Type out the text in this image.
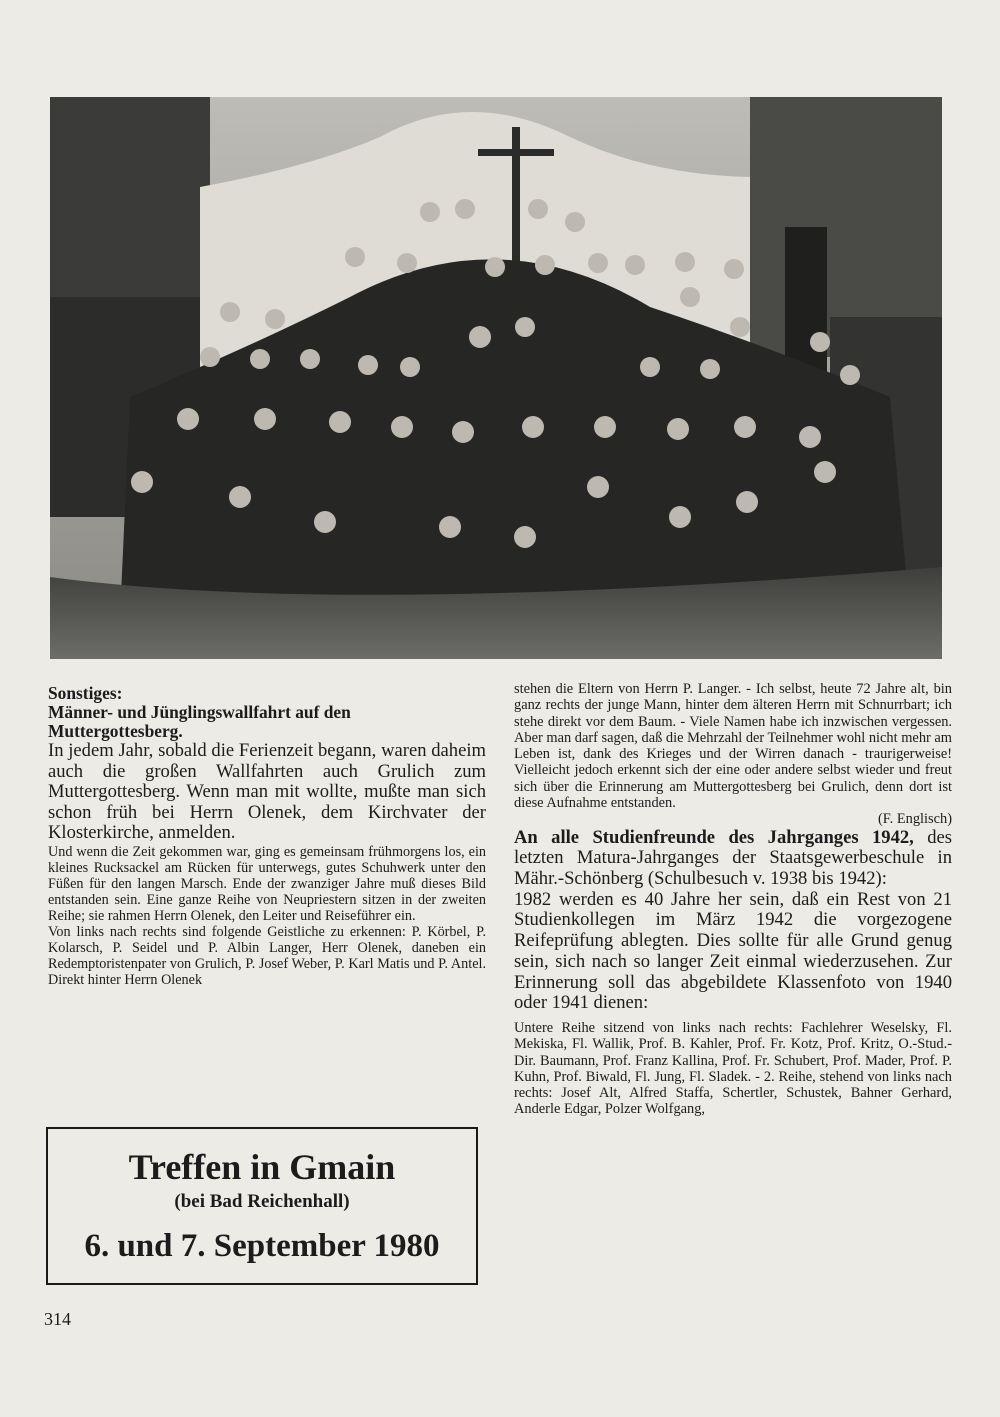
Sonstiges:

Männer- und Jünglingswallfahrt auf den Muttergottesberg.

In jedem Jahr, sobald die Ferienzeit begann, waren daheim auch die großen Wallfahrten auch Grulich zum Muttergottesberg. Wenn man mit wollte, mußte man sich schon früh bei Herrn Olenek, dem Kirchvater der Klosterkirche, anmelden.

Und wenn die Zeit gekommen war, ging es gemeinsam frühmorgens los, ein kleines Rucksackel am Rücken für unterwegs, gutes Schuhwerk unter den Füßen für den langen Marsch. Ende der zwanziger Jahre muß dieses Bild entstanden sein. Eine ganze Reihe von Neupriestern sitzen in der zweiten Reihe; sie rahmen Herrn Olenek, den Leiter und Reiseführer ein.

Von links nach rechts sind folgende Geistliche zu erkennen: P. Körbel, P. Kolarsch, P. Seidel und P. Albin Langer, Herr Olenek, daneben ein Redemptoristenpater von Grulich, P. Josef Weber, P. Karl Matis und P. Antel. Direkt hinter Herrn Olenek

Treffen in Gmain
(bei Bad Reichenhall)
6. und 7. September 1980

stehen die Eltern von Herrn P. Langer. - Ich selbst, heute 72 Jahre alt, bin ganz rechts der junge Mann, hinter dem älteren Herrn mit Schnurrbart; ich stehe direkt vor dem Baum. - Viele Namen habe ich inzwischen vergessen. Aber man darf sagen, daß die Mehrzahl der Teilnehmer wohl nicht mehr am Leben ist, dank des Krieges und der Wirren danach - traurigerweise! Vielleicht jedoch erkennt sich der eine oder andere selbst wieder und freut sich über die Erinnerung am Muttergottesberg bei Grulich, denn dort ist diese Aufnahme entstanden.

(F. Englisch)

An alle Studienfreunde des Jahrganges 1942, des letzten Matura-Jahrganges der Staatsgewerbeschule in Mähr.-Schönberg (Schulbesuch v. 1938 bis 1942):

1982 werden es 40 Jahre her sein, daß ein Rest von 21 Studienkollegen im März 1942 die vorgezogene Reifeprüfung ablegten. Dies sollte für alle Grund genug sein, sich nach so langer Zeit einmal wiederzusehen. Zur Erinnerung soll das abgebildete Klassenfoto von 1940 oder 1941 dienen:

Untere Reihe sitzend von links nach rechts: Fachlehrer Weselsky, Fl. Mekiska, Fl. Wallik, Prof. B. Kahler, Prof. Fr. Kotz, Prof. Kritz, O.-Stud.-Dir. Baumann, Prof. Franz Kallina, Prof. Fr. Schubert, Prof. Mader, Prof. P. Kuhn, Prof. Biwald, Fl. Jung, Fl. Sladek. - 2. Reihe, stehend von links nach rechts: Josef Alt, Alfred Staffa, Schertler, Schustek, Bahner Gerhard, Anderle Edgar, Polzer Wolfgang,

314
